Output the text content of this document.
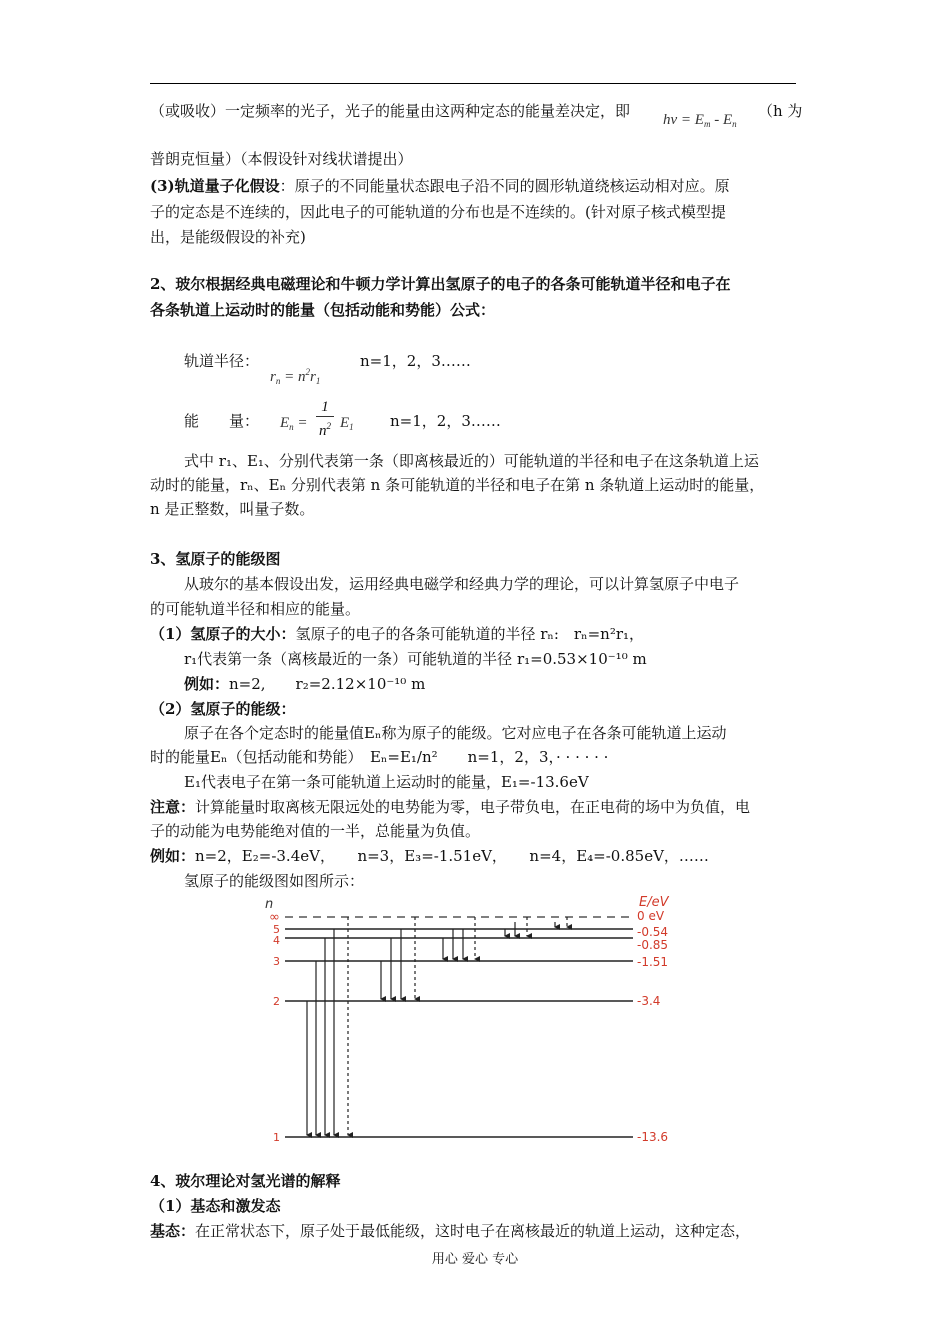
（或吸收）一定频率的光子，光子的能量由这两种定态的能量差决定，即 $h\nu = E_m - E_n$
（h 为
普朗克恒量）（本假设针对线状谱提出）
(3)轨道量子化假设：原子的不同能量状态跟电子沿不同的圆形轨道绕核运动相对应。原
子的定态是不连续的，因此电子的可能轨道的分布也是不连续的。(针对原子核式模型提
出，是能级假设的补充)
2、玻尔根据经典电磁理论和牛顿力学计算出氢原子的电子的各条可能轨道半径和电子在
各条轨道上运动时的能量（包括动能和势能）公式：
轨道半径：
$r_n = n^2r_1$
n=1，2，3……
能　　量： $E_n = \frac{1}{n^2} E_1$ n=1，2，3……
式中 r₁、E₁、分别代表第一条（即离核最近的）可能轨道的半径和电子在这条轨道上运
动时的能量，rₙ、Eₙ 分别代表第 n 条可能轨道的半径和电子在第 n 条轨道上运动时的能量，
n 是正整数，叫量子数。
3、氢原子的能级图
从玻尔的基本假设出发，运用经典电磁学和经典力学的理论，可以计算氢原子中电子
的可能轨道半径和相应的能量。
（1）氢原子的大小：氢原子的电子的各条可能轨道的半径 rₙ:　rₙ=n²r₁，
r₁代表第一条（离核最近的一条）可能轨道的半径 r₁=0.53×10⁻¹⁰ m
例如：n=2,　　r₂=2.12×10⁻¹⁰ m
（2）氢原子的能级：
原子在各个定态时的能量值Eₙ称为原子的能级。它对应电子在各条可能轨道上运动
时的能量Eₙ（包括动能和势能）　Eₙ=E₁/n²　　n=1，2，3，· · · · · ·
E₁代表电子在第一条可能轨道上运动时的能量，E₁=-13.6eV
注意：计算能量时取离核无限远处的电势能为零，电子带负电，在正电荷的场中为负值，电
子的动能为电势能绝对值的一半，总能量为负值。
例如：n=2，E₂=-3.4eV，　　n=3，E₃=-1.51eV，　　n=4，E₄=-0.85eV，……
氢原子的能级图如图所示：
n	E/eV
∞
5
4
3
2
1
0 eV
-0.54
-0.85
-1.51
-3.4
-13.6
4、玻尔理论对氢光谱的解释
（1）基态和激发态
基态：在正常状态下，原子处于最低能级，这时电子在离核最近的轨道上运动，这种定态，
用心 爱心 专心
